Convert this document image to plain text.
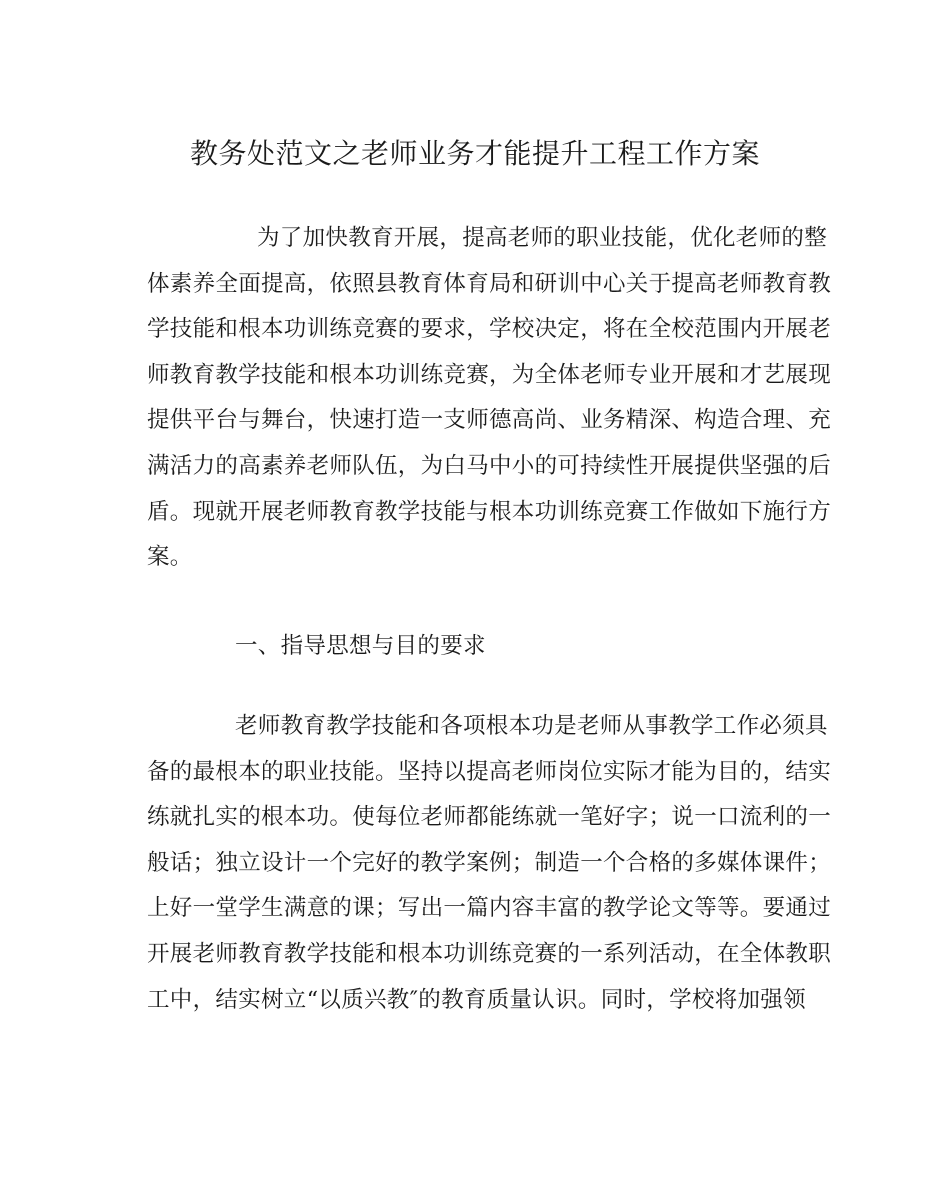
教务处范文之老师业务才能提升工程工作方案
为了加快教育开展，提高老师的职业技能，优化老师的整
体素养全面提高，依照县教育体育局和研训中心关于提高老师教育教
学技能和根本功训练竞赛的要求，学校决定，将在全校范围内开展老
师教育教学技能和根本功训练竞赛，为全体老师专业开展和才艺展现
提供平台与舞台，快速打造一支师德高尚、业务精深、构造合理、充
满活力的高素养老师队伍，为白马中小的可持续性开展提供坚强的后
盾。现就开展老师教育教学技能与根本功训练竞赛工作做如下施行方
案。
一、指导思想与目的要求
老师教育教学技能和各项根本功是老师从事教学工作必须具
备的最根本的职业技能。坚持以提高老师岗位实际才能为目的，结实
练就扎实的根本功。使每位老师都能练就一笔好字；说一口流利的一
般话；独立设计一个完好的教学案例；制造一个合格的多媒体课件；
上好一堂学生满意的课；写出一篇内容丰富的教学论文等等。要通过
开展老师教育教学技能和根本功训练竞赛的一系列活动，在全体教职
工中，结实树立“以质兴教″的教育质量认识。同时，学校将加强领
